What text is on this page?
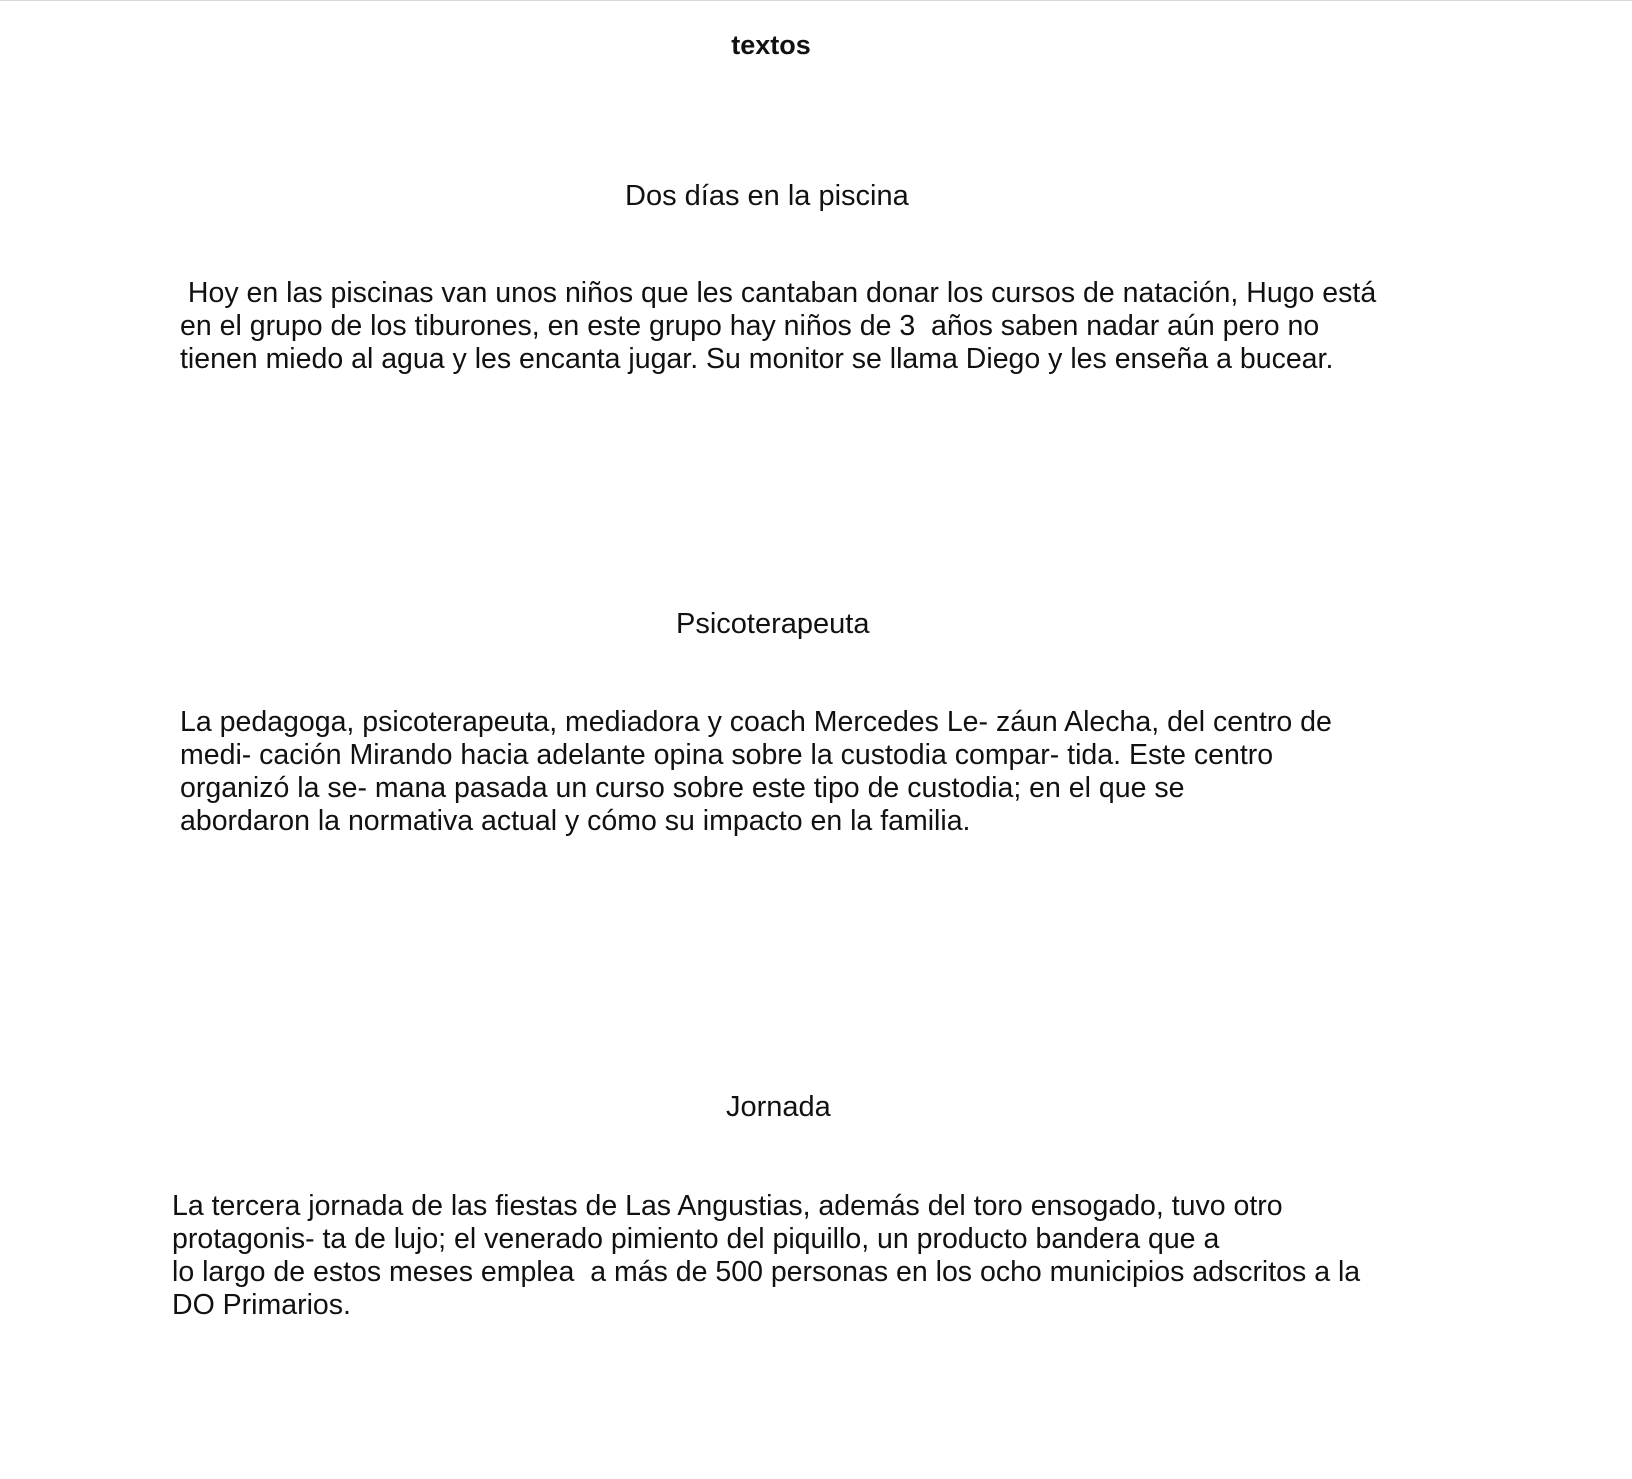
textos
Dos días en la piscina
Hoy en las piscinas van unos niños que les cantaban donar los cursos de natación, Hugo está
en el grupo de los tiburones, en este grupo hay niños de 3  años saben nadar aún pero no
tienen miedo al agua y les encanta jugar. Su monitor se llama Diego y les enseña a bucear.
Psicoterapeuta
La pedagoga, psicoterapeuta, mediadora y coach Mercedes Le- záun Alecha, del centro de
medi- cación Mirando hacia adelante opina sobre la custodia compar- tida. Este centro
organizó la se- mana pasada un curso sobre este tipo de custodia; en el que se
abordaron la normativa actual y cómo su impacto en la familia.
Jornada
La tercera jornada de las fiestas de Las Angustias, además del toro ensogado, tuvo otro
protagonis- ta de lujo; el venerado pimiento del piquillo, un producto bandera que a
lo largo de estos meses emplea  a más de 500 personas en los ocho municipios adscritos a la
DO Primarios.
